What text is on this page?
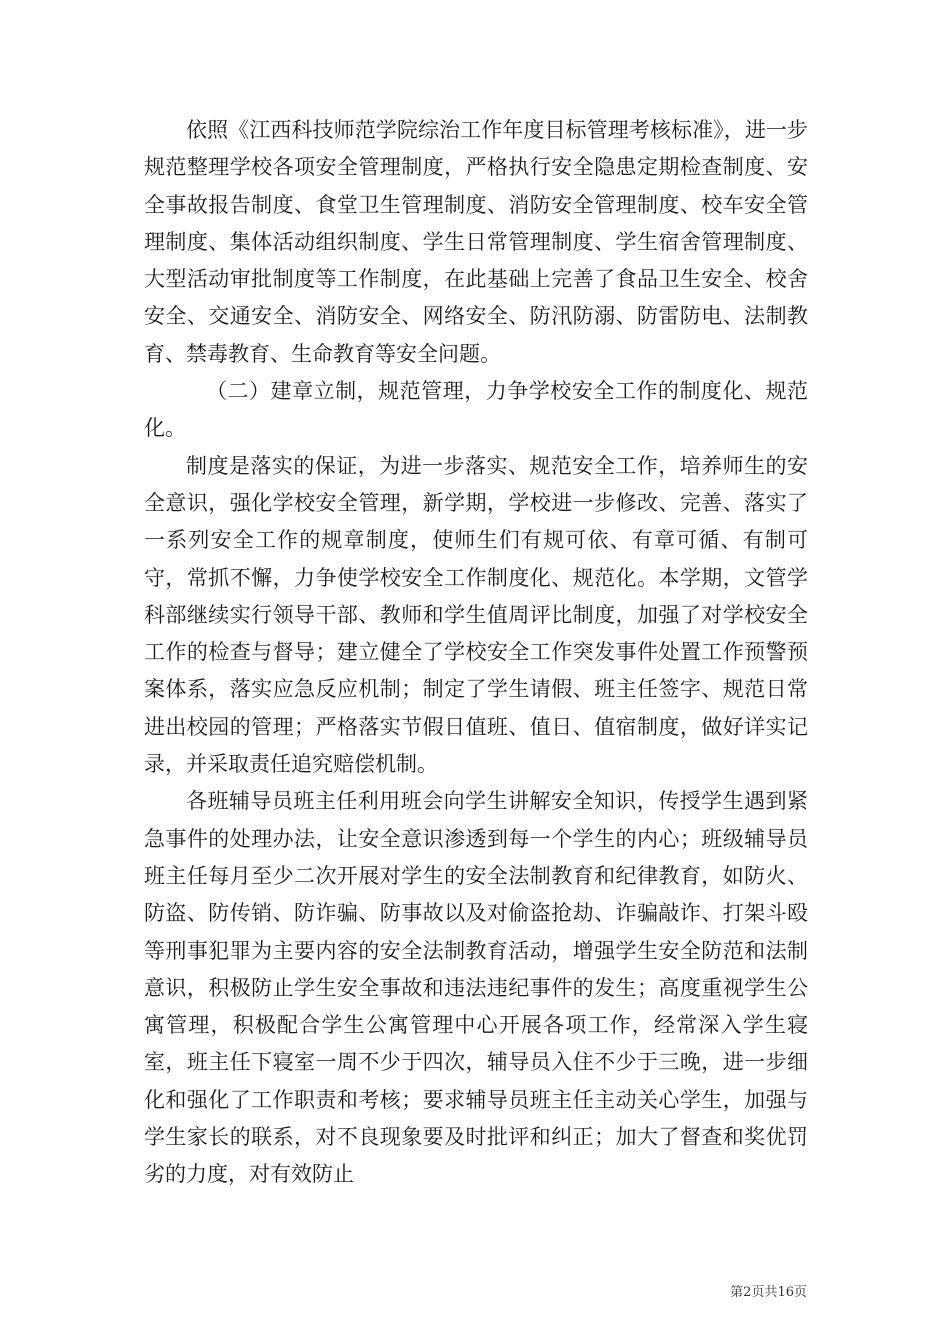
依照《江西科技师范学院综治工作年度目标管理考核标准》，进一步规范整理学校各项安全管理制度，严格执行安全隐患定期检查制度、安全事故报告制度、食堂卫生管理制度、消防安全管理制度、校车安全管理制度、集体活动组织制度、学生日常管理制度、学生宿舍管理制度、大型活动审批制度等工作制度，在此基础上完善了食品卫生安全、校舍安全、交通安全、消防安全、网络安全、防汛防溺、防雷防电、法制教育、禁毒教育、生命教育等安全问题。

（二）建章立制，规范管理，力争学校安全工作的制度化、规范化。

制度是落实的保证，为进一步落实、规范安全工作，培养师生的安全意识，强化学校安全管理，新学期，学校进一步修改、完善、落实了一系列安全工作的规章制度，使师生们有规可依、有章可循、有制可守，常抓不懈，力争使学校安全工作制度化、规范化。本学期，文管学科部继续实行领导干部、教师和学生值周评比制度，加强了对学校安全工作的检查与督导；建立健全了学校安全工作突发事件处置工作预警预案体系，落实应急反应机制；制定了学生请假、班主任签字、规范日常进出校园的管理；严格落实节假日值班、值日、值宿制度，做好详实记录，并采取责任追究赔偿机制。

各班辅导员班主任利用班会向学生讲解安全知识，传授学生遇到紧急事件的处理办法，让安全意识渗透到每一个学生的内心；班级辅导员班主任每月至少二次开展对学生的安全法制教育和纪律教育，如防火、防盗、防传销、防诈骗、防事故以及对偷盗抢劫、诈骗敲诈、打架斗殴等刑事犯罪为主要内容的安全法制教育活动，增强学生安全防范和法制意识，积极防止学生安全事故和违法违纪事件的发生；高度重视学生公寓管理，积极配合学生公寓管理中心开展各项工作，经常深入学生寝室，班主任下寝室一周不少于四次，辅导员入住不少于三晚，进一步细化和强化了工作职责和考核；要求辅导员班主任主动关心学生，加强与学生家长的联系，对不良现象要及时批评和纠正；加大了督查和奖优罚劣的力度，对有效防止

第2页共16页
